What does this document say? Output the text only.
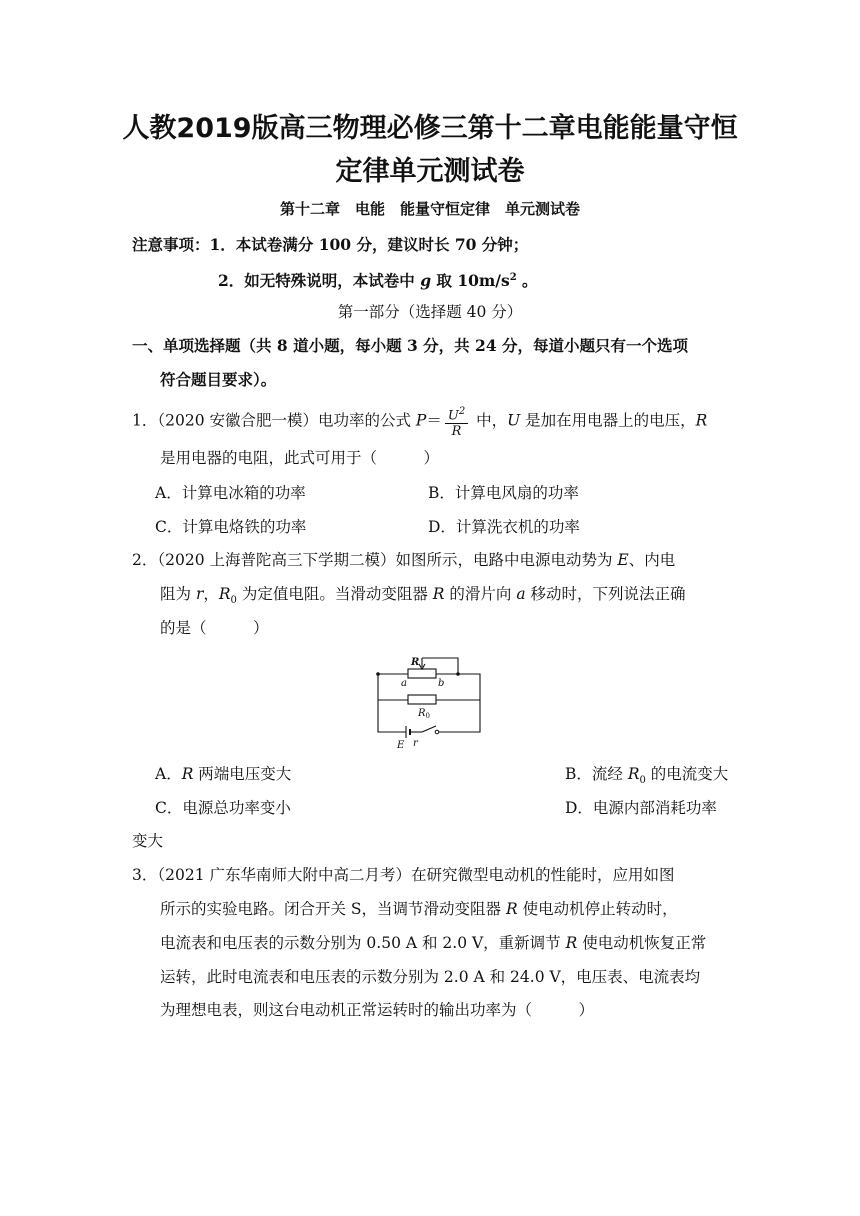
人教2019版高三物理必修三第十二章电能能量守恒
定律单元测试卷
第十二章　电能　能量守恒定律　单元测试卷
注意事项：1．本试卷满分 100 分，建议时长 70 分钟；
2．如无特殊说明，本试卷中 g 取 $10m/s^2$ 。
第一部分（选择题 40 分）
一、单项选择题（共 8 道小题，每小题 3 分，共 24 分，每道小题只有一个选项
符合题目要求）。
1．（2020 安徽合肥一模）电功率的公式 $P= \frac{U^2}{R}$ 中，U 是加在用电器上的电压，R
是用电器的电阻，此式可用于（　　　）
A．计算电冰箱的功率	B．计算电风扇的功率
C．计算电烙铁的功率	D．计算洗衣机的功率
2．（2020 上海普陀高三下学期二模）如图所示，电路中电源电动势为 E、内电
阻为 r，$R_0$ 为定值电阻。当滑动变阻器 R 的滑片向 a 移动时，下列说法正确
的是（　　　）
R
a	b
$R_0$
E r
A．R 两端电压变大	B．流经 $R_0$ 的电流变大
C．电源总功率变小	D．电源内部消耗功率
变大
3．（2021 广东华南师大附中高二月考）在研究微型电动机的性能时，应用如图
所示的实验电路。闭合开关 S，当调节滑动变阻器 R 使电动机停止转动时，
电流表和电压表的示数分别为 0.50 A 和 2.0 V，重新调节 R 使电动机恢复正常
运转，此时电流表和电压表的示数分别为 2.0 A 和 24.0 V，电压表、电流表均
为理想电表，则这台电动机正常运转时的输出功率为（　　　）
